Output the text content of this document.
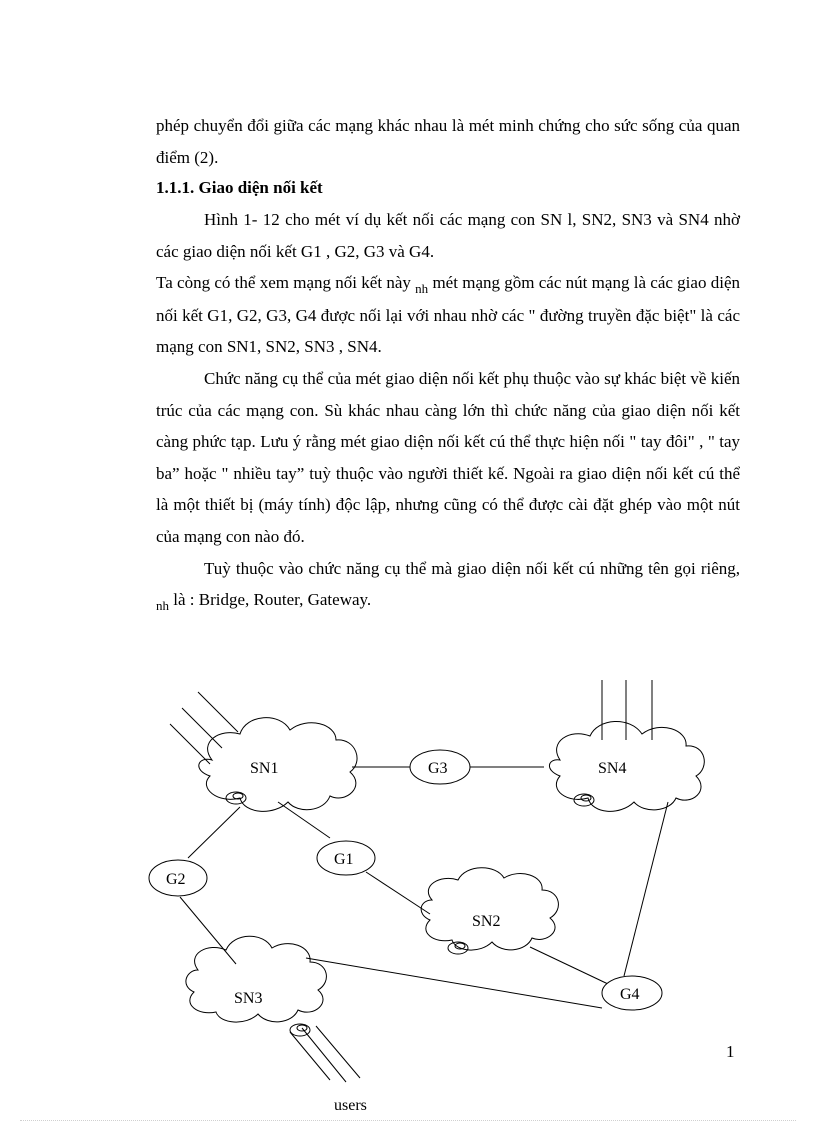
phép chuyển đổi giữa các mạng khác nhau là mét minh chứng cho sức sống của quan điểm (2).

1.1.1. Giao diện nối kết

Hình 1- 12 cho mét ví dụ kết nối các mạng con SN l, SN2, SN3 và SN4 nhờ các giao diện nối kết G1 , G2, G3 và G4.

Ta còng có thể xem mạng nối kết này $_{nh}$ mét mạng gồm các nút mạng là các giao diện nối kết G1, G2, G3, G4 được nối lại với nhau nhờ các " đường truyền đặc biệt" là các mạng con SN1, SN2, SN3 , SN4.

Chức năng cụ thể của mét giao diện nối kết phụ thuộc vào sự khác biệt về kiến trúc của các mạng con. Sù khác nhau càng lớn thì chức năng của giao diện nối kết càng phức tạp. Lưu ý rằng mét giao diện nối kết cú thể thực hiện nối " tay đôi" , " tay ba” hoặc " nhiều tay” tuỳ thuộc vào người thiết kế. Ngoài ra giao diện nối kết cú thể là một thiết bị (máy tính) độc lập, nhưng cũng có thể được cài đặt ghép vào một nút của mạng con nào đó.

Tuỳ thuộc vào chức năng cụ thể mà giao diện nối kết cú những tên gọi riêng, $_{nh}$ là : Bridge, Router, Gateway.

SN1
SN2
SN3
SN4
G1
G2
G3
G4
users
1
